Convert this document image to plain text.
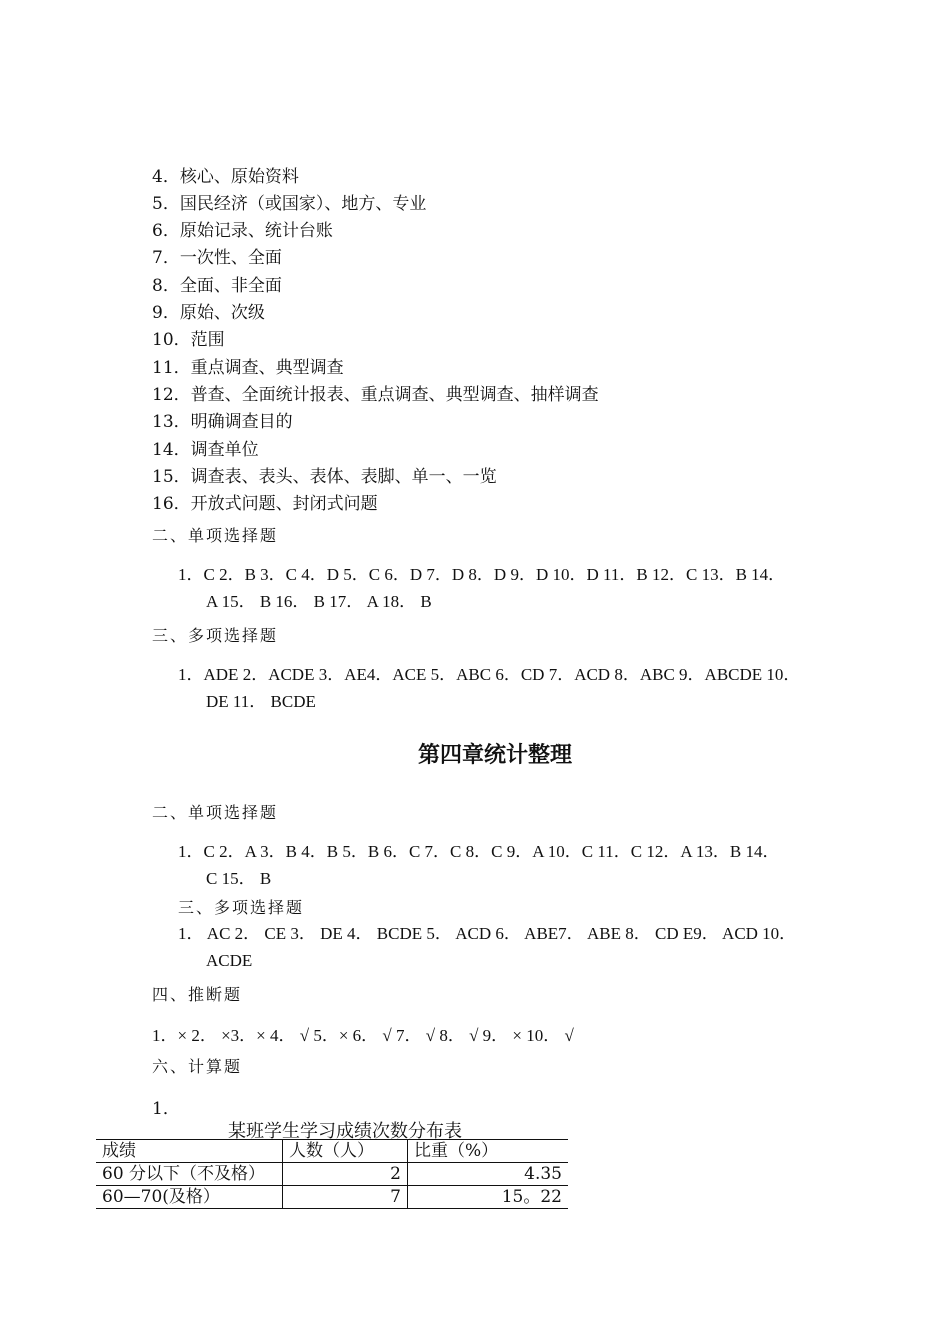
4．核心、原始资料
5．国民经济（或国家）、地方、专业
6．原始记录、统计台账
7．一次性、全面
8．全面、非全面
9．原始、次级
10．范围
11．重点调查、典型调查
12．普查、全面统计报表、重点调查、典型调查、抽样调查
13．明确调查目的
14．调查单位
15．调查表、表头、表体、表脚、单一、一览
16．开放式问题、封闭式问题
二、单项选择题
1．C 2．B 3．C 4．D 5．C 6．D 7．D 8．D 9．D 10．D 11．B 12．C 13．B 14．
A 15． B 16． B 17． A 18． B
三、多项选择题
1．ADE 2．ACDE 3．AE4．ACE 5．ABC 6．CD 7．ACD 8．ABC 9．ABCDE 10．
DE 11． BCDE
第四章统计整理
二、单项选择题
1．C 2．A 3．B 4．B 5．B 6．C 7．C 8．C 9．A 10．C 11．C 12．A 13．B 14．
C 15． B
三、多项选择题
1． AC 2． CE 3． DE 4． BCDE 5． ACD 6． ABE7． ABE 8． CD E9． ACD 10．
ACDE
四、推断题
1．× 2． ×3．× 4． √ 5．× 6． √ 7． √ 8． √ 9． × 10． √
六、计算题
1．
某班学生学习成绩次数分布表
成绩	人数（人）	比重（%）
60 分以下（不及格）	2	4.35
60—70(及格）	7	15。22
